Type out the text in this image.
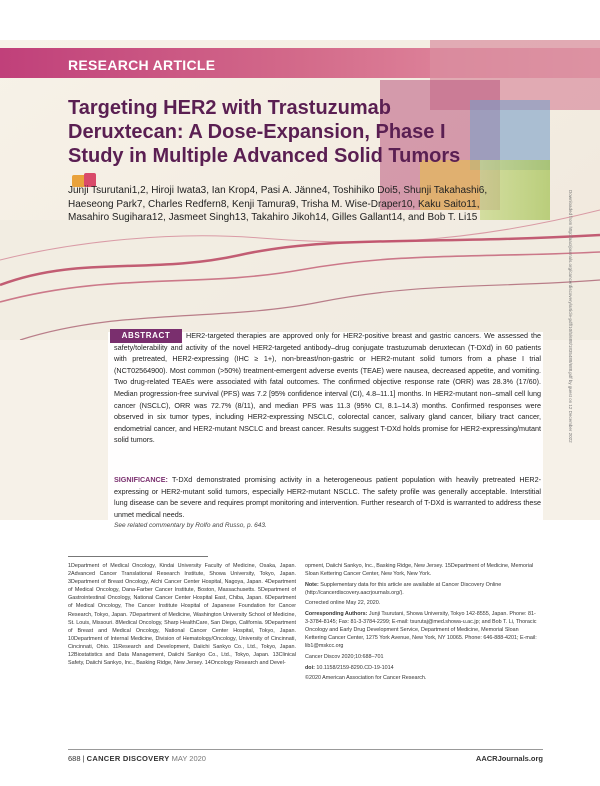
RESEARCH ARTICLE
Targeting HER2 with Trastuzumab Deruxtecan: A Dose-Expansion, Phase I Study in Multiple Advanced Solid Tumors
Junji Tsurutani1,2, Hiroji Iwata3, Ian Krop4, Pasi A. Jänne4, Toshihiko Doi5, Shunji Takahashi6, Haeseong Park7, Charles Redfern8, Kenji Tamura9, Trisha M. Wise-Draper10, Kaku Saito11, Masahiro Sugihara12, Jasmeet Singh13, Takahiro Jikoh14, Gilles Gallant14, and Bob T. Li15	Downloaded from http://aacrjournals.org/cancerdiscovery/article-pdf/10/5/688/1835488/688.pdf by guest on 12 December 2022
HER2-targeted therapies are approved only for HER2-positive breast and gastric cancers. We assessed the safety/tolerability and activity of the novel HER2-targeted antibody–drug conjugate trastuzumab deruxtecan (T-DXd) in 60 patients with pretreated, HER2-expressing (IHC ≥ 1+), non-breast/non-gastric or HER2-mutant solid tumors from a phase I trial (NCT02564900). Most common (>50%) treatment-emergent adverse events (TEAE) were nausea, decreased appetite, and vomiting. Two drug-related TEAEs were associated with fatal outcomes. The confirmed objective response rate (ORR) was 28.3% (17/60). Median progression-free survival (PFS) was 7.2 [95% confidence interval (CI), 4.8–11.1] months. In HER2-mutant non–small cell lung cancer (NSCLC), ORR was 72.7% (8/11), and median PFS was 11.3 (95% CI, 8.1–14.3) months. Confirmed responses were observed in six tumor types, including HER2-expressing NSCLC, colorectal cancer, salivary gland cancer, biliary tract cancer, endometrial cancer, and HER2-mutant NSCLC and breast cancer. Results suggest T-DXd holds promise for HER2-expressing/mutant solid tumors.
ABSTRACT
SIGNIFICANCE: T-DXd demonstrated promising activity in a heterogeneous patient population with heavily pretreated HER2-expressing or HER2-mutant solid tumors, especially HER2-mutant NSCLC. The safety profile was generally acceptable. Interstitial lung disease can be severe and requires prompt monitoring and intervention. Further research of T-DXd is warranted to address these unmet medical needs.
See related commentary by Rolfo and Russo, p. 643.
1Department of Medical Oncology, Kindai University Faculty of Medicine, Osaka, Japan. 2Advanced Cancer Translational Research Institute, Showa University, Tokyo, Japan. 3Department of Breast Oncology, Aichi Cancer Center Hospital, Nagoya, Japan. 4Department of Medical Oncology, Dana-Farber Cancer Institute, Boston, Massachusetts. 5Department of Gastrointestinal Oncology, National Cancer Center Hospital East, Chiba, Japan. 6Department of Medical Oncology, The Cancer Institute Hospital of Japanese Foundation for Cancer Research, Tokyo, Japan. 7Department of Medicine, Washington University School of Medicine, St. Louis, Missouri. 8Medical Oncology, Sharp HealthCare, San Diego, California. 9Department of Breast and Medical Oncology, National Cancer Center Hospital, Tokyo, Japan. 10Department of Internal Medicine, Division of Hematology/Oncology, University of Cincinnati, Cincinnati, Ohio. 11Research and Development, Daiichi Sankyo Co., Ltd., Tokyo, Japan. 12Biostatistics and Data Management, Daiichi Sankyo Co., Ltd., Tokyo, Japan. 13Clinical Safety, Daiichi Sankyo, Inc., Basking Ridge, New Jersey. 14Oncology Research and Devel-

opment, Daiichi Sankyo, Inc., Basking Ridge, New Jersey. 15Department of Medicine, Memorial Sloan Kettering Cancer Center, New York, New York.

Note: Supplementary data for this article are available at Cancer Discovery Online (http://cancerdiscovery.aacrjournals.org/).

Corrected online May 22, 2020.

Corresponding Authors: Junji Tsurutani, Showa University, Tokyo 142-8555, Japan. Phone: 81-3-3784-8145; Fax: 81-3-3784-2299; E-mail: tsurutaj@med.showa-u.ac.jp; and Bob T. Li, Thoracic Oncology and Early Drug Development Service, Department of Medicine, Memorial Sloan Kettering Cancer Center, 1275 York Avenue, New York, NY 10065. Phone: 646-888-4201; E-mail: lib1@mskcc.org

Cancer Discov 2020;10:688–701

doi: 10.1158/2159-8290.CD-19-1014

©2020 American Association for Cancer Research.

688 | CANCER DISCOVERY MAY 2020	AACRJournals.org
